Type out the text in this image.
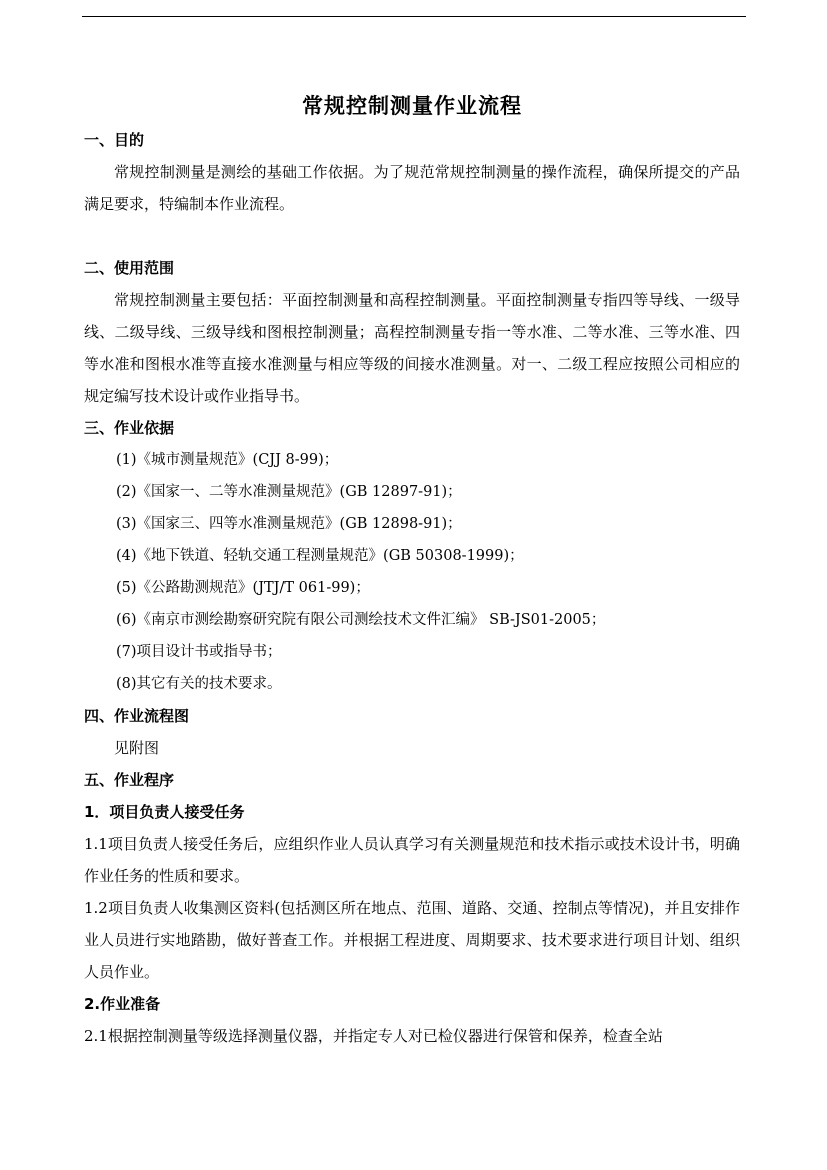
常规控制测量作业流程

一、目的

常规控制测量是测绘的基础工作依据。为了规范常规控制测量的操作流程，确保所提交的产品满足要求，特编制本作业流程。

二、使用范围

常规控制测量主要包括：平面控制测量和高程控制测量。平面控制测量专指四等导线、一级导线、二级导线、三级导线和图根控制测量；高程控制测量专指一等水准、二等水准、三等水准、四等水准和图根水准等直接水准测量与相应等级的间接水准测量。对一、二级工程应按照公司相应的规定编写技术设计或作业指导书。

三、作业依据

(1)《城市测量规范》(CJJ 8-99)；

(2)《国家一、二等水准测量规范》(GB 12897-91)；

(3)《国家三、四等水准测量规范》(GB 12898-91)；

(4)《地下铁道、轻轨交通工程测量规范》(GB 50308-1999)；

(5)《公路勘测规范》(JTJ/T 061-99)；

(6)《南京市测绘勘察研究院有限公司测绘技术文件汇编》 SB-JS01-2005；

(7)项目设计书或指导书；

(8)其它有关的技术要求。

四、作业流程图

见附图

五、作业程序

1．项目负责人接受任务

1.1项目负责人接受任务后，应组织作业人员认真学习有关测量规范和技术指示或技术设计书，明确作业任务的性质和要求。

1.2项目负责人收集测区资料(包括测区所在地点、范围、道路、交通、控制点等情况)，并且安排作业人员进行实地踏勘，做好普查工作。并根据工程进度、周期要求、技术要求进行项目计划、组织人员作业。

2.作业准备

2.1根据控制测量等级选择测量仪器，并指定专人对已检仪器进行保管和保养，检查全站
